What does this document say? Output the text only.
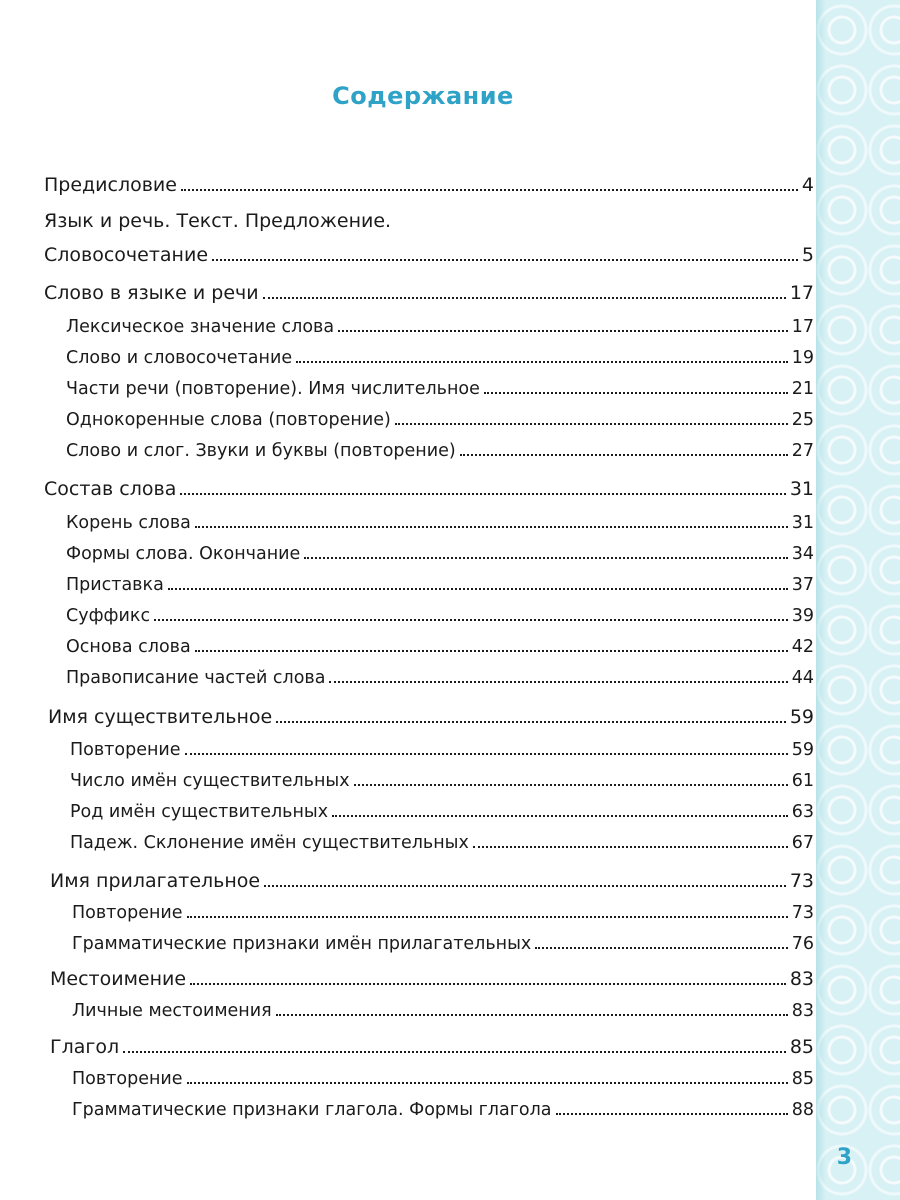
Содержание
Предисловие	4
Язык и речь. Текст. Предложение.
Словосочетание	5
Слово в языке и речи	17
Лексическое значение слова	17
Слово и словосочетание	19
Части речи (повторение). Имя числительное	21
Однокоренные слова (повторение)	25
Слово и слог. Звуки и буквы (повторение)	27
Состав слова	31
Корень слова	31
Формы слова. Окончание	34
Приставка	37
Суффикс	39
Основа слова	42
Правописание частей слова	44
Имя существительное	59
Повторение	59
Число имён существительных	61
Род имён существительных	63
Падеж. Склонение имён существительных	67
Имя прилагательное	73
Повторение	73
Грамматические признаки имён прилагательных	76
Местоимение	83
Личные местоимения	83
Глагол	85
Повторение	85
Грамматические признаки глагола. Формы глагола	88
3
